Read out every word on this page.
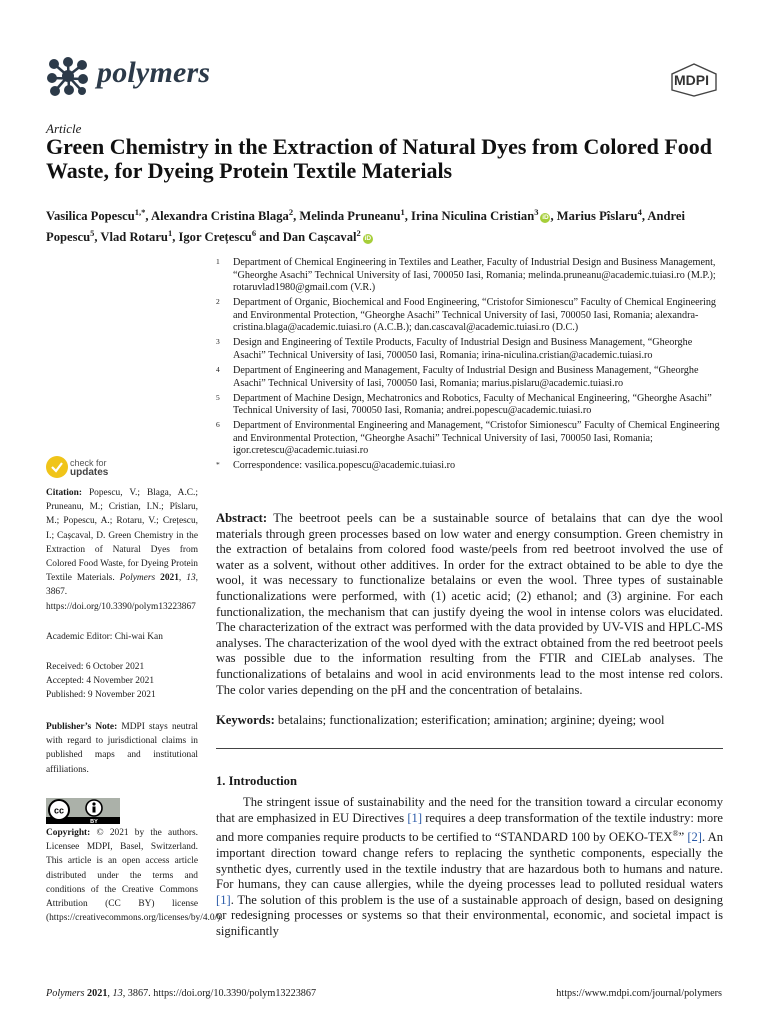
polymers	MDPI
Article
Green Chemistry in the Extraction of Natural Dyes from Colored Food Waste, for Dyeing Protein Textile Materials
Vasilica Popescu$^{1,*}$, Alexandra Cristina Blaga$^2$, Melinda Pruneanu$^1$, Irina Niculina Cristian$^3$iD , Marius Pîslaru$^4$, Andrei Popescu$^5$, Vlad Rotaru$^1$, Igor Crețescu$^6$ and Dan Cașcaval$^2$iD
1	Department of Chemical Engineering in Textiles and Leather, Faculty of Industrial Design and Business Management, “Gheorghe Asachi” Technical University of Iasi, 700050 Iasi, Romania; melinda.pruneanu@academic.tuiasi.ro (M.P.); rotaruvlad1980@gmail.com (V.R.)
2	Department of Organic, Biochemical and Food Engineering, “Cristofor Simionescu” Faculty of Chemical Engineering and Environmental Protection, “Gheorghe Asachi” Technical University of Iasi, 700050 Iasi, Romania; alexandra-cristina.blaga@academic.tuiasi.ro (A.C.B.); dan.cascaval@academic.tuiasi.ro (D.C.)
3	Design and Engineering of Textile Products, Faculty of Industrial Design and Business Management, “Gheorghe Asachi” Technical University of Iasi, 700050 Iasi, Romania; irina-niculina.cristian@academic.tuiasi.ro
4	Department of Engineering and Management, Faculty of Industrial Design and Business Management, “Gheorghe Asachi” Technical University of Iasi, 700050 Iasi, Romania; marius.pislaru@academic.tuiasi.ro
5	Department of Machine Design, Mechatronics and Robotics, Faculty of Mechanical Engineering, “Gheorghe Asachi” Technical University of Iasi, 700050 Iasi, Romania; andrei.popescu@academic.tuiasi.ro
6	Department of Environmental Engineering and Management, “Cristofor Simionescu” Faculty of Chemical Engineering and Environmental Protection, “Gheorghe Asachi” Technical University of Iasi, 700050 Iasi, Romania; igor.cretescu@academic.tuiasi.ro
*	Correspondence: vasilica.popescu@academic.tuiasi.ro
check for
updates
Citation: Popescu, V.; Blaga, A.C.; Pruneanu, M.; Cristian, I.N.; Pîslaru, M.; Popescu, A.; Rotaru, V.; Crețescu, I.; Cașcaval, D. Green Chemistry in the Extraction of Natural Dyes from Colored Food Waste, for Dyeing Protein Textile Materials. Polymers 2021, 13, 3867. https://doi.org/10.3390/polym13223867
Academic Editor: Chi-wai Kan
Received: 6 October 2021
Accepted: 4 November 2021
Published: 9 November 2021
Publisher’s Note: MDPI stays neutral with regard to jurisdictional claims in published maps and institutional affiliations.
cc
BY
Copyright: © 2021 by the authors. Licensee MDPI, Basel, Switzerland. This article is an open access article distributed under the terms and conditions of the Creative Commons Attribution (CC BY) license (https://creativecommons.org/licenses/by/4.0/).
Abstract: The beetroot peels can be a sustainable source of betalains that can dye the wool materials through green processes based on low water and energy consumption. Green chemistry in the extraction of betalains from colored food waste/peels from red beetroot involved the use of water as a solvent, without other additives. In order for the extract obtained to be able to dye the wool, it was necessary to functionalize betalains or even the wool. Three types of sustainable functionalizations were performed, with (1) acetic acid; (2) ethanol; and (3) arginine. For each functionalization, the mechanism that can justify dyeing the wool in intense colors was elucidated. The characterization of the extract was performed with the data provided by UV-VIS and HPLC-MS analyses. The characterization of the wool dyed with the extract obtained from the red beetroot peels was possible due to the information resulting from the FTIR and CIELab analyses. The functionalizations of betalains and wool in acid environments lead to the most intense red colors. The color varies depending on the pH and the concentration of betalains.
Keywords: betalains; functionalization; esterification; amination; arginine; dyeing; wool
1. Introduction

The stringent issue of sustainability and the need for the transition toward a circular economy that are emphasized in EU Directives [1] requires a deep transformation of the textile industry: more and more companies require products to be certified to “STANDARD 100 by OEKO-TEX®” [2]. An important direction toward change refers to replacing the synthetic components, especially the synthetic dyes, currently used in the textile industry that are hazardous both to humans and nature. For humans, they can cause allergies, while the dyeing processes lead to polluted residual waters [1]. The solution of this problem is the use of a sustainable approach of design, based on designing or redesigning processes or systems so that their environmental, economic, and societal impact is significantly

Polymers 2021, 13, 3867. https://doi.org/10.3390/polym13223867	https://www.mdpi.com/journal/polymers
